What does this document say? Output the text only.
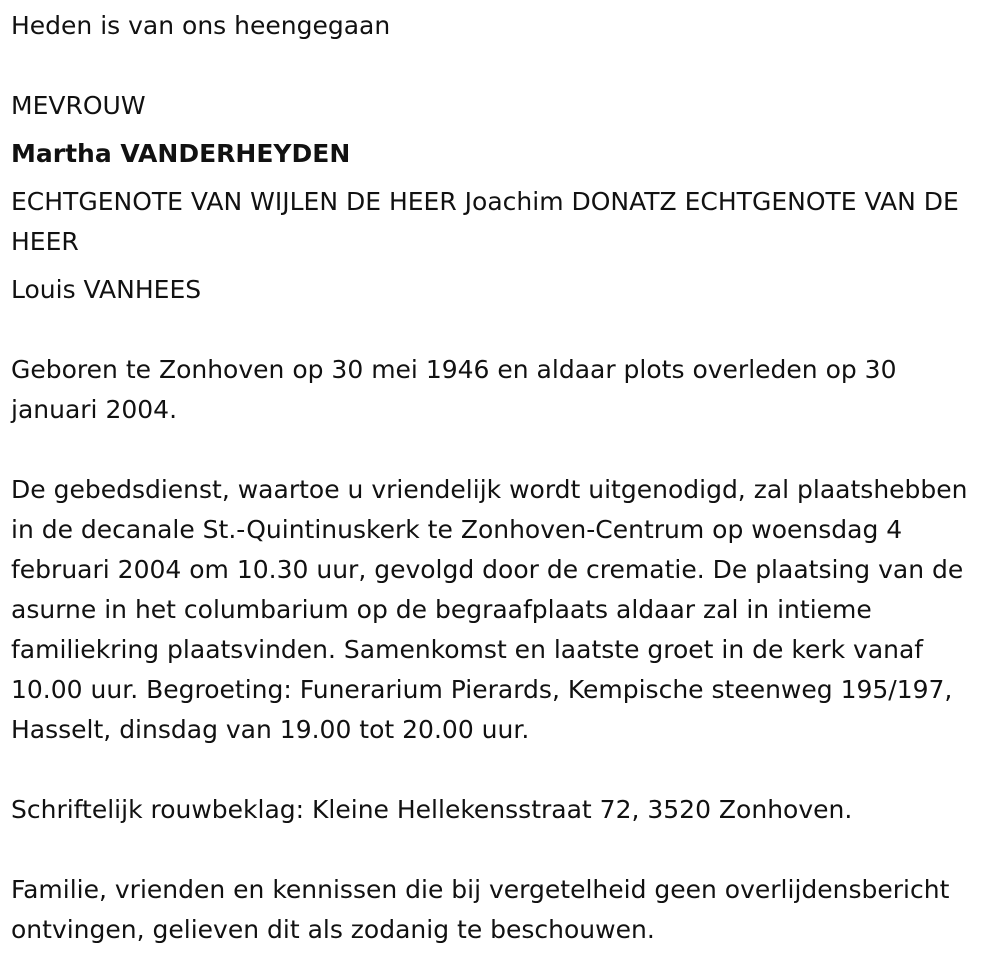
Heden is van ons heengegaan

MEVROUW

Martha VANDERHEYDEN

ECHTGENOTE VAN WIJLEN DE HEER Joachim DONATZ ECHTGENOTE VAN DE HEER

Louis VANHEES

Geboren te Zonhoven op 30 mei 1946 en aldaar plots overleden op 30 januari 2004.

De gebedsdienst, waartoe u vriendelijk wordt uitgenodigd, zal plaatshebben in de decanale St.-Quintinuskerk te Zonhoven-Centrum op woensdag 4 februari 2004 om 10.30 uur, gevolgd door de crematie. De plaatsing van de asurne in het columbarium op de begraafplaats aldaar zal in intieme familiekring plaatsvinden. Samenkomst en laatste groet in de kerk vanaf 10.00 uur. Begroeting: Funerarium Pierards, Kempische steenweg 195/197, Hasselt, dinsdag van 19.00 tot 20.00 uur.

Schriftelijk rouwbeklag: Kleine Hellekensstraat 72, 3520 Zonhoven.

Familie, vrienden en kennissen die bij vergetelheid geen overlijdensbericht ontvingen, gelieven dit als zodanig te beschouwen.
